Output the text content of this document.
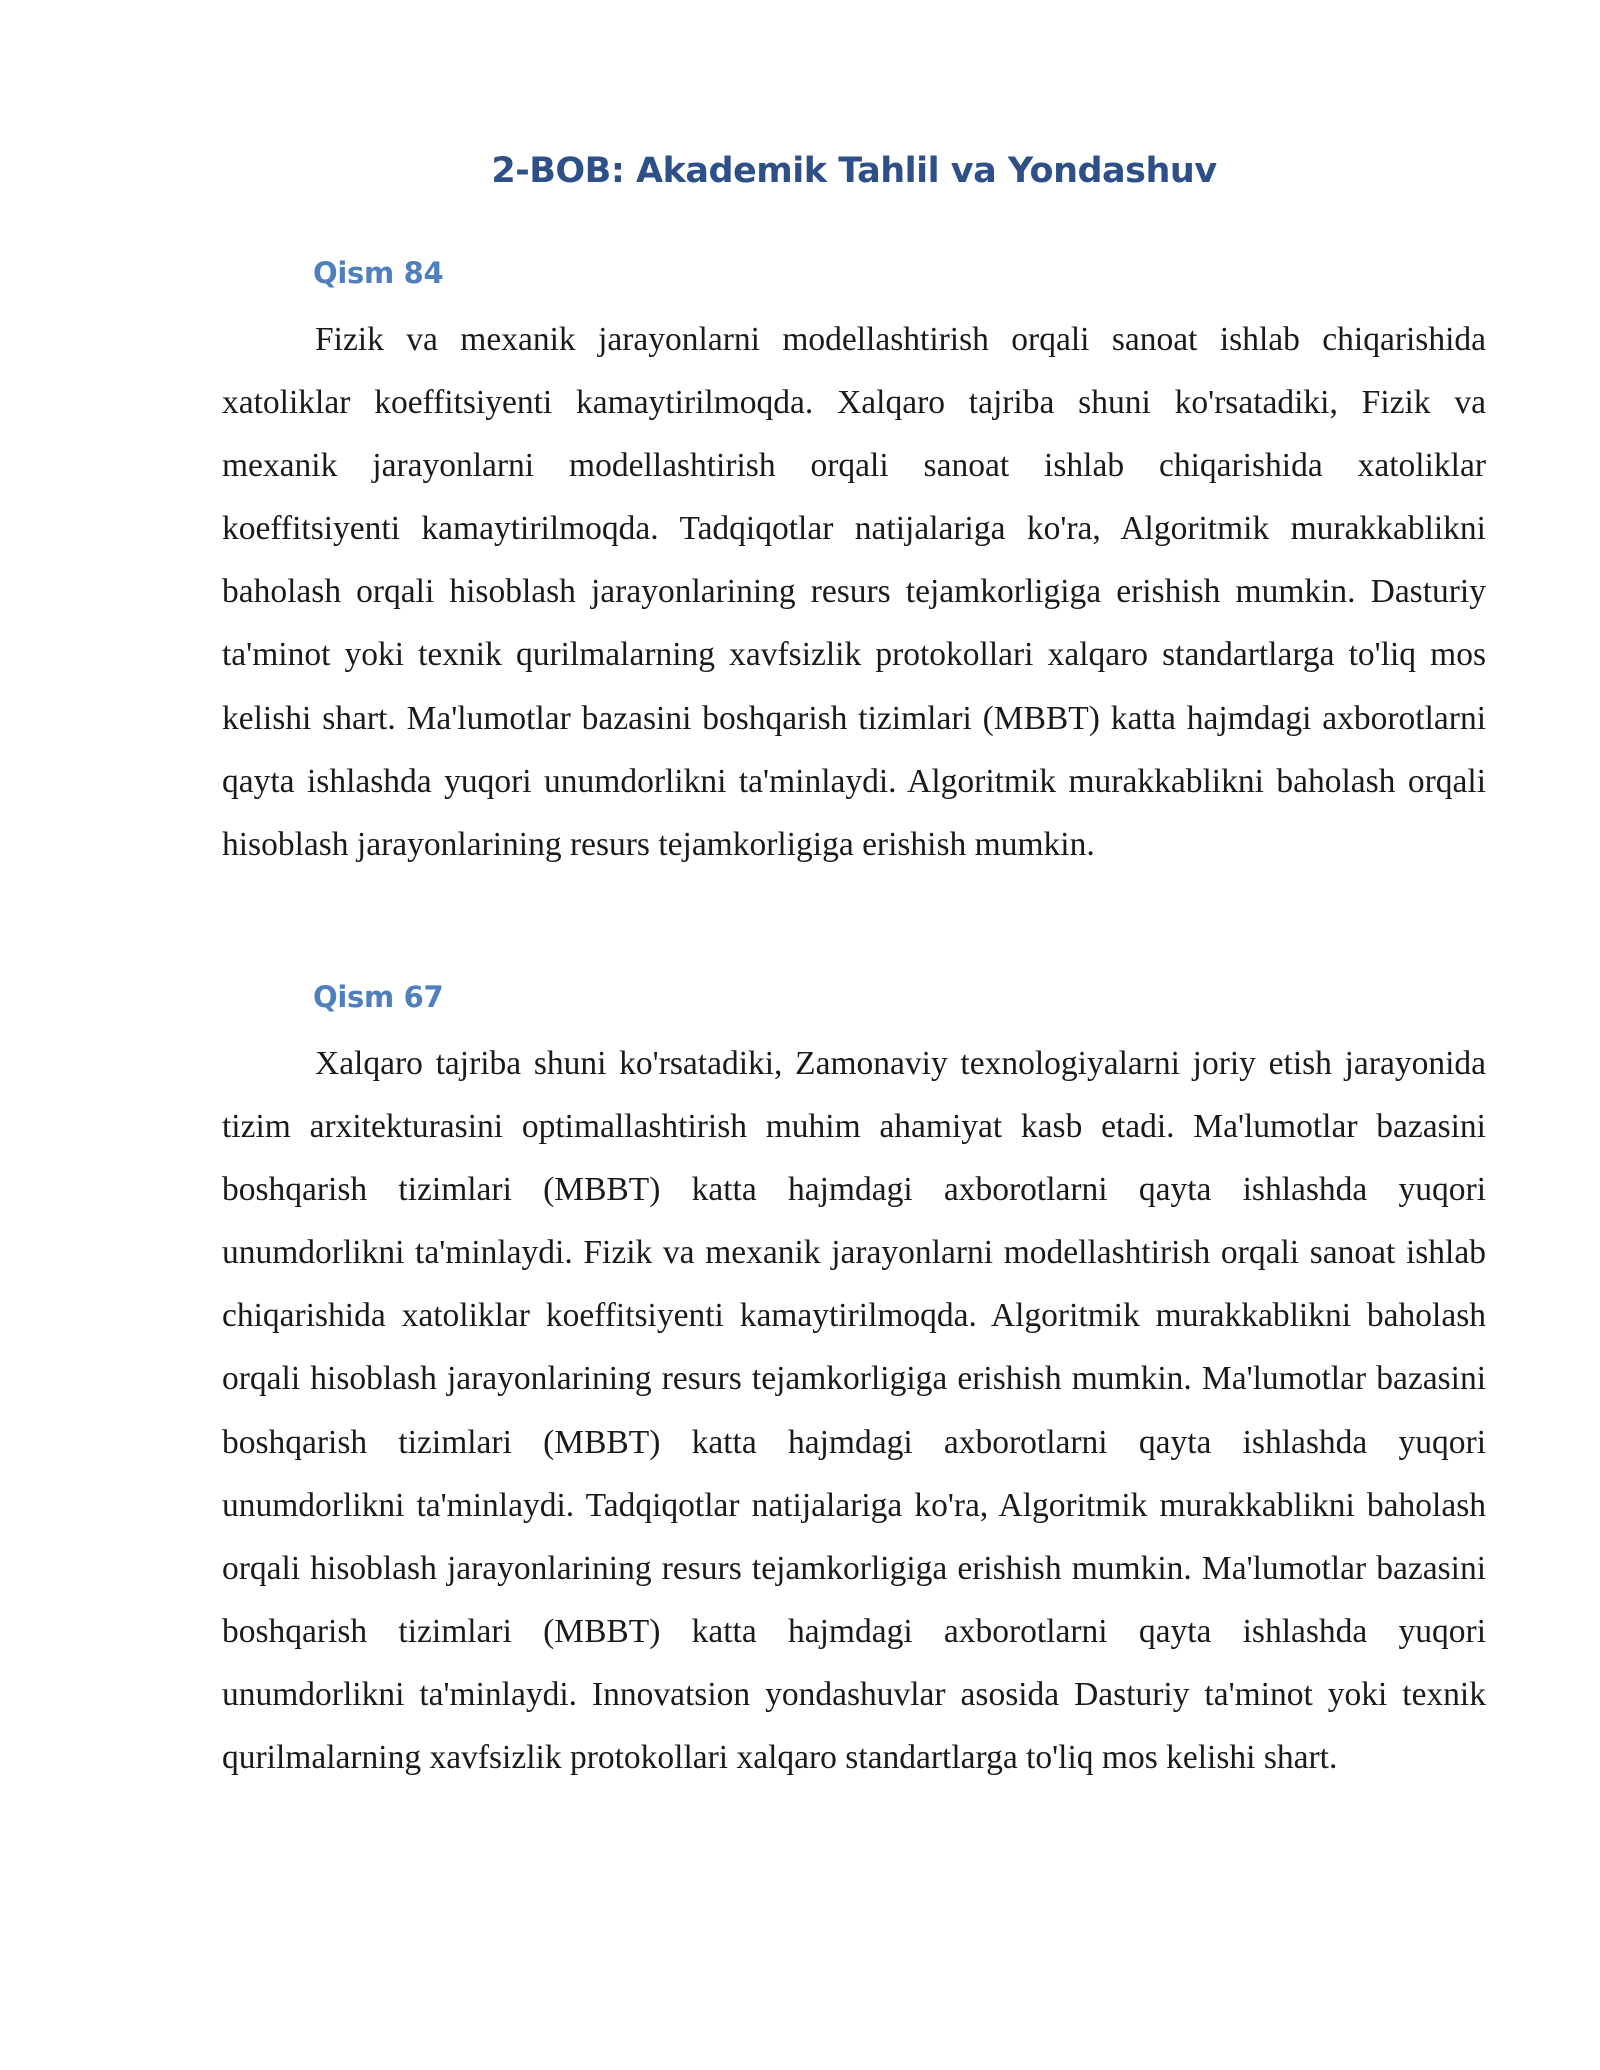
2-BOB: Akademik Tahlil va Yondashuv
Qism 84

Fizik va mexanik jarayonlarni modellashtirish orqali sanoat ishlab chiqarishida xatoliklar koeffitsiyenti kamaytirilmoqda. Xalqaro tajriba shuni ko'rsatadiki, Fizik va mexanik jarayonlarni modellashtirish orqali sanoat ishlab chiqarishida xatoliklar koeffitsiyenti kamaytirilmoqda. Tadqiqotlar natijalariga ko'ra, Algoritmik murakkablikni baholash orqali hisoblash jarayonlarining resurs tejamkorligiga erishish mumkin. Dasturiy ta'minot yoki texnik qurilmalarning xavfsizlik protokollari xalqaro standartlarga to'liq mos kelishi shart. Ma'lumotlar bazasini boshqarish tizimlari (MBBT) katta hajmdagi axborotlarni qayta ishlashda yuqori unumdorlikni ta'minlaydi. Algoritmik murakkablikni baholash orqali hisoblash jarayonlarining resurs tejamkorligiga erishish mumkin.

Qism 67

Xalqaro tajriba shuni ko'rsatadiki, Zamonaviy texnologiyalarni joriy etish jarayonida tizim arxitekturasini optimallashtirish muhim ahamiyat kasb etadi. Ma'lumotlar bazasini boshqarish tizimlari (MBBT) katta hajmdagi axborotlarni qayta ishlashda yuqori unumdorlikni ta'minlaydi. Fizik va mexanik jarayonlarni modellashtirish orqali sanoat ishlab chiqarishida xatoliklar koeffitsiyenti kamaytirilmoqda. Algoritmik murakkablikni baholash orqali hisoblash jarayonlarining resurs tejamkorligiga erishish mumkin. Ma'lumotlar bazasini boshqarish tizimlari (MBBT) katta hajmdagi axborotlarni qayta ishlashda yuqori unumdorlikni ta'minlaydi. Tadqiqotlar natijalariga ko'ra, Algoritmik murakkablikni baholash orqali hisoblash jarayonlarining resurs tejamkorligiga erishish mumkin. Ma'lumotlar bazasini boshqarish tizimlari (MBBT) katta hajmdagi axborotlarni qayta ishlashda yuqori unumdorlikni ta'minlaydi. Innovatsion yondashuvlar asosida Dasturiy ta'minot yoki texnik qurilmalarning xavfsizlik protokollari xalqaro standartlarga to'liq mos kelishi shart.
